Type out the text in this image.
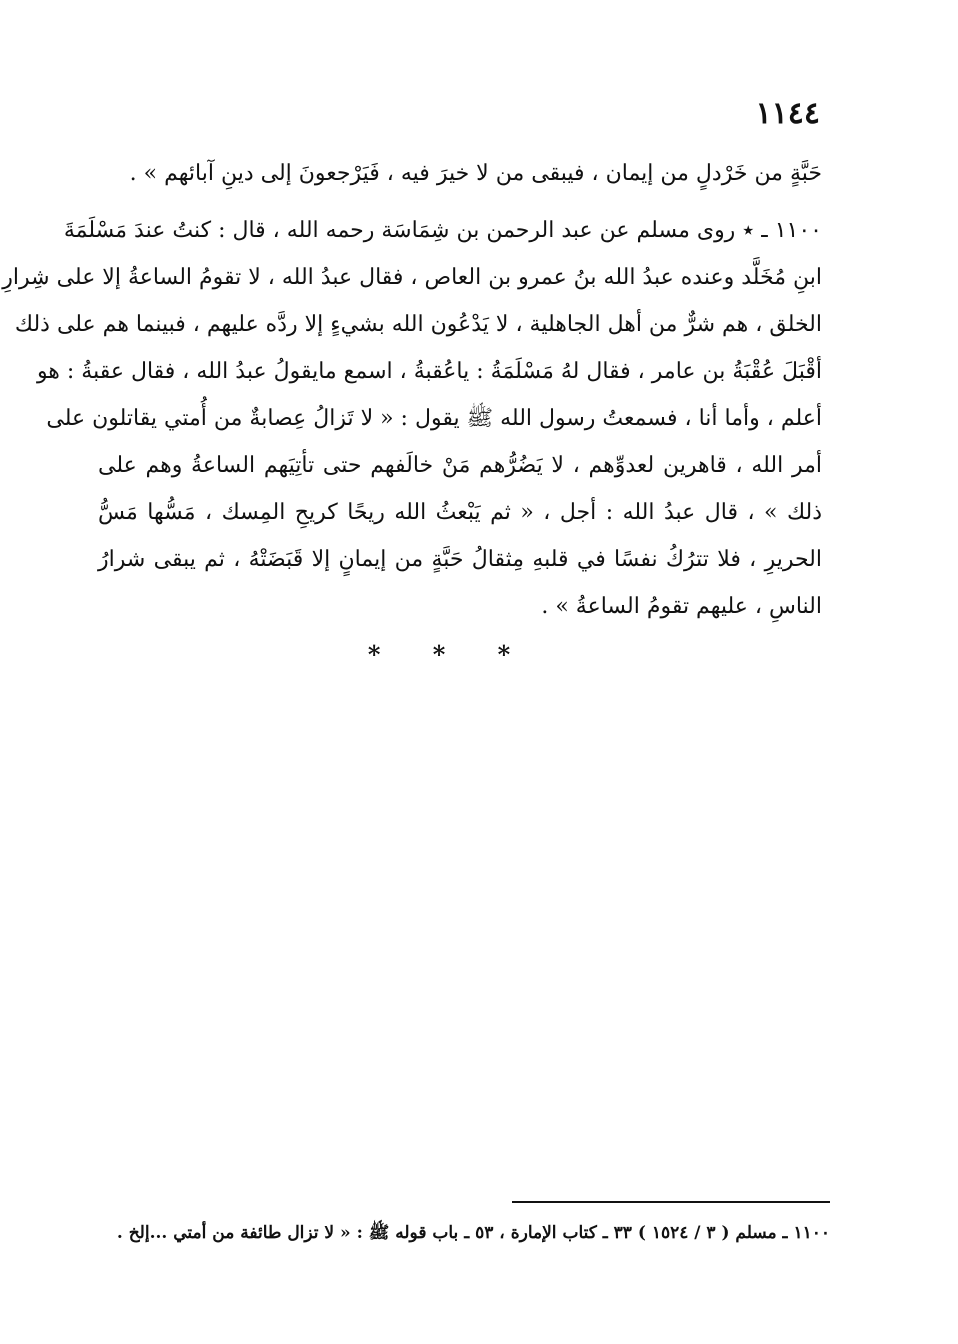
١١٤٤
حَبَّةٍ من خَرْدلٍ من إيمان ، فيبقى من لا خيرَ فيه ، فَيَرْجعونَ إلى دينِ آبائهم » .
١١٠٠ ـ ٭ روى مسلم عن عبد الرحمن بن شِمَاسَة رحمه الله ، قال : كنتُ عندَ مَسْلَمَةَ
ابنِ مُخَلَّد وعنده عبدُ الله بنُ عمرو بن العاص ، فقال عبدُ الله ، لا تقومُ الساعةُ إلا على شِرارِ
الخلق ، هم شرٌّ من أهل الجاهلية ، لا يَدْعُون الله بشيءٍ إلا ردَّه عليهم ، فبينما هم على ذلك
أقْبَلَ عُقْبَةُ بن عامر ، فقال لهُ مَسْلَمَةُ : ياعُقبةُ ، اسمع مايقولُ عبدُ الله ، فقال عقبةُ : هو
أعلم ، وأما أنا ، فسمعتُ رسول الله ﷺ يقول : « لا تَزالُ عِصابةٌ من أُمتي يقاتلون على
أمر الله ، قاهرين لعدوِّهم ، لا يَضُرُّهم مَنْ خالَفهم حتى تأتِيَهم الساعةُ وهم على
ذلك » ، قال عبدُ الله : أجل ، « ثم يَبْعثُ الله ريحًا كريحِ المِسك ، مَسُّها مَسُّ
الحريرِ ، فلا تترُكُ نفسًا في قلبهِ مِثقالُ حَبَّةٍ من إيمانٍ إلا قَبَضَتْهُ ، ثم يبقى شرارُ
الناسِ ، عليهم تقومُ الساعةُ » .
* * *
١١٠٠ ـ مسلم ( ٣ / ١٥٢٤ ) ٣٣ ـ كتاب الإمارة ، ٥٣ ـ باب قوله ﷺ : « لا تزال طائفة من أمتي ...إلخ .
